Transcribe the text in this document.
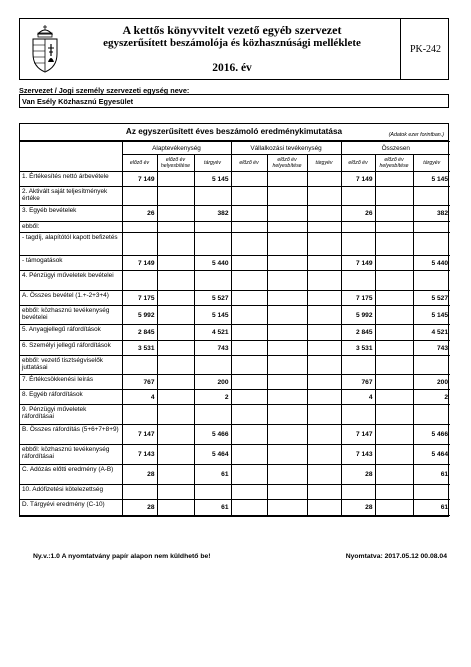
A kettős könyvvitelt vezető egyéb szervezet
egyszerűsített beszámolója és közhasznúsági melléklete
2016. év
PK-242
Szervezet / Jogi személy szervezeti egység neve:
Van Esély Közhasznú Egyesület
Az egyszerűsített éves beszámoló eredménykimutatása	(Adatok ezer forintban.)
	Alaptevékenység			Vállalkozási tevékenység			Összesen		
	előző év	előző év helyesbítése	tárgyév	előző év	előző év helyesbítése	tárgyév	előző év	előző év helyesbítése	tárgyév
1. Értékesítés nettó árbevétele	7 149		5 145				7 149		5 145
2. Aktivált saját teljesítmények értéke									
3. Egyéb bevételek	26		382				26		382
ebből:									
- tagdíj, alapítótól kapott befizetés									
- támogatások	7 149		5 440				7 149		5 440
4. Pénzügyi műveletek bevételei									
A. Összes bevétel (1.+-2+3+4)	7 175		5 527				7 175		5 527
ebből: közhasznú tevékenység bevételei	5 992		5 145				5 992		5 145
5. Anyagjellegű ráfordítások	2 845		4 521				2 845		4 521
6. Személyi jellegű ráfordítások	3 531		743				3 531		743
ebből: vezető tisztségviselők juttatásai									
7. Értékcsökkenési leírás	767		200				767		200
8. Egyéb ráfordítások	4		2				4		2
9. Pénzügyi műveletek ráfordításai									
B. Összes ráfordítás (5+6+7+8+9)	7 147		5 466				7 147		5 466
ebből: közhasznú tevékenység ráfordításai	7 143		5 464				7 143		5 464
C. Adózás előtti eredmény (A-B)	28		61				28		61
10. Adófizetési kötelezettség									
D. Tárgyévi eredmény (C-10)	28		61				28		61
Ny.v.:1.0 A nyomtatvány papír alapon nem küldhető be!	Nyomtatva: 2017.05.12 00.08.04
